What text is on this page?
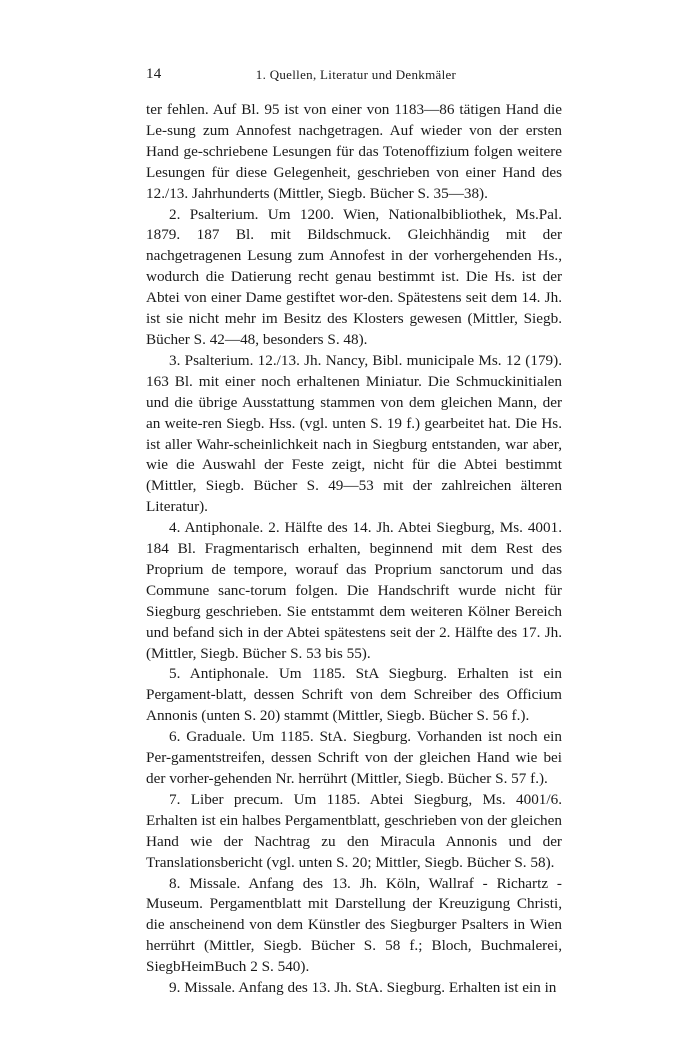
14	1. Quellen, Literatur und Denkmäler

ter fehlen. Auf Bl. 95 ist von einer von 1183—86 tätigen Hand die Le-sung zum Annofest nachgetragen. Auf wieder von der ersten Hand ge-schriebene Lesungen für das Totenoffizium folgen weitere Lesungen für diese Gelegenheit, geschrieben von einer Hand des 12./13. Jahrhunderts (Mittler, Siegb. Bücher S. 35—38).

2. Psalterium. Um 1200. Wien, Nationalbibliothek, Ms.Pal. 1879. 187 Bl. mit Bildschmuck. Gleichhändig mit der nachgetragenen Lesung zum Annofest in der vorhergehenden Hs., wodurch die Datierung recht genau bestimmt ist. Die Hs. ist der Abtei von einer Dame gestiftet wor-den. Spätestens seit dem 14. Jh. ist sie nicht mehr im Besitz des Klosters gewesen (Mittler, Siegb. Bücher S. 42—48, besonders S. 48).

3. Psalterium. 12./13. Jh. Nancy, Bibl. municipale Ms. 12 (179). 163 Bl. mit einer noch erhaltenen Miniatur. Die Schmuckinitialen und die übrige Ausstattung stammen von dem gleichen Mann, der an weite-ren Siegb. Hss. (vgl. unten S. 19 f.) gearbeitet hat. Die Hs. ist aller Wahr-scheinlichkeit nach in Siegburg entstanden, war aber, wie die Auswahl der Feste zeigt, nicht für die Abtei bestimmt (Mittler, Siegb. Bücher S. 49—53 mit der zahlreichen älteren Literatur).

4. Antiphonale. 2. Hälfte des 14. Jh. Abtei Siegburg, Ms. 4001. 184 Bl. Fragmentarisch erhalten, beginnend mit dem Rest des Proprium de tempore, worauf das Proprium sanctorum und das Commune sanc-torum folgen. Die Handschrift wurde nicht für Siegburg geschrieben. Sie entstammt dem weiteren Kölner Bereich und befand sich in der Abtei spätestens seit der 2. Hälfte des 17. Jh. (Mittler, Siegb. Bücher S. 53 bis 55).

5. Antiphonale. Um 1185. StA Siegburg. Erhalten ist ein Pergament-blatt, dessen Schrift von dem Schreiber des Officium Annonis (unten S. 20) stammt (Mittler, Siegb. Bücher S. 56 f.).

6. Graduale. Um 1185. StA. Siegburg. Vorhanden ist noch ein Per-gamentstreifen, dessen Schrift von der gleichen Hand wie bei der vorher-gehenden Nr. herrührt (Mittler, Siegb. Bücher S. 57 f.).

7. Liber precum. Um 1185. Abtei Siegburg, Ms. 4001/6. Erhalten ist ein halbes Pergamentblatt, geschrieben von der gleichen Hand wie der Nachtrag zu den Miracula Annonis und der Translationsbericht (vgl. unten S. 20; Mittler, Siegb. Bücher S. 58).

8. Missale. Anfang des 13. Jh. Köln, Wallraf - Richartz - Museum. Pergamentblatt mit Darstellung der Kreuzigung Christi, die anscheinend von dem Künstler des Siegburger Psalters in Wien herrührt (Mittler, Siegb. Bücher S. 58 f.; Bloch, Buchmalerei, SiegbHeimBuch 2 S. 540).

9. Missale. Anfang des 13. Jh. StA. Siegburg. Erhalten ist ein in
